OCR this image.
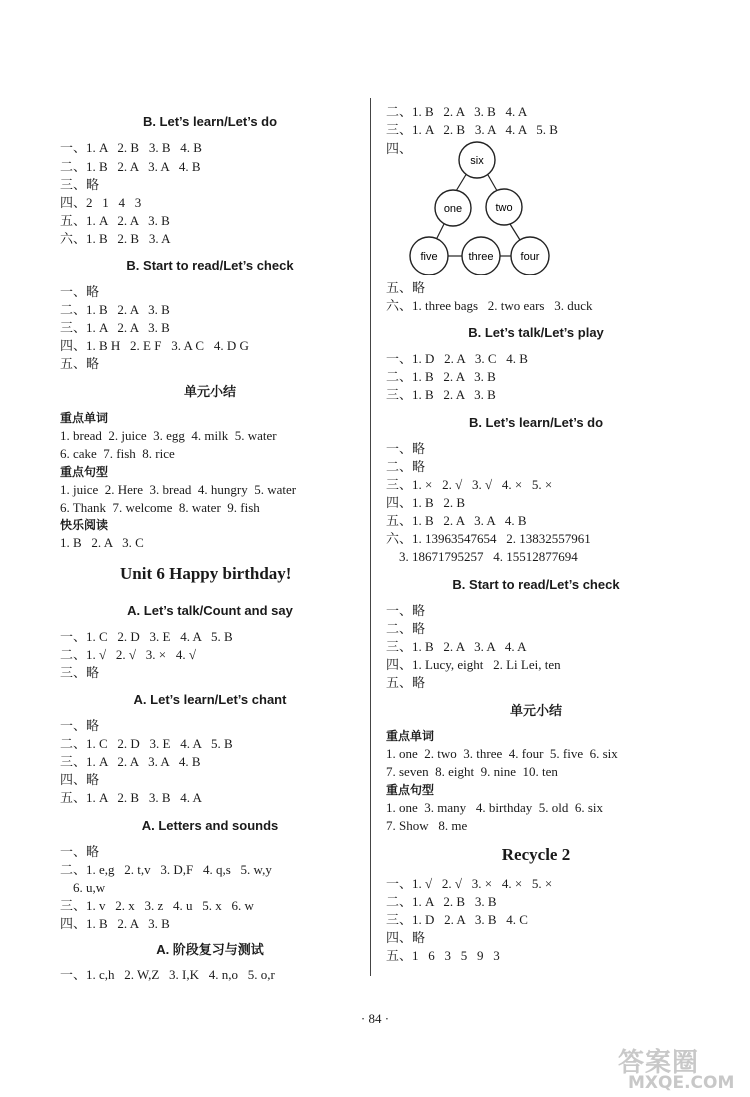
B. Let’s learn/Let’s do
一、1. A   2. B   3. B   4. B
二、1. B   2. A   3. A   4. B
三、略
四、2   1   4   3
五、1. A   2. A   3. B
六、1. B   2. B   3. A
B. Start to read/Let’s check
一、略
二、1. B   2. A   3. B
三、1. A   2. A   3. B
四、1. B H   2. E F   3. A C   4. D G
五、略
单元小结
重点单词
1. bread  2. juice  3. egg  4. milk  5. water
6. cake  7. fish  8. rice
重点句型
1. juice  2. Here  3. bread  4. hungry  5. water
6. Thank  7. welcome  8. water  9. fish
快乐阅读
1. B   2. A   3. C
Unit 6 Happy birthday!
A. Let’s talk/Count and say
一、1. C   2. D   3. E   4. A   5. B
二、1. √   2. √   3. ×   4. √
三、略
A. Let’s learn/Let’s chant
一、略
二、1. C   2. D   3. E   4. A   5. B
三、1. A   2. A   3. A   4. B
四、略
五、1. A   2. B   3. B   4. A
A. Letters and sounds
一、略
二、1. e,g   2. t,v   3. D,F   4. q,s   5. w,y
6. u,w
三、1. v   2. x   3. z   4. u   5. x   6. w
四、1. B   2. A   3. B
A. 阶段复习与测试
一、1. c,h   2. W,Z   3. I,K   4. n,o   5. o,r
二、1. B   2. A   3. B   4. A
三、1. A   2. B   3. A   4. A   5. B
四、
six
one	two
five	three four
五、略
六、1. three bags   2. two ears   3. duck
B. Let’s talk/Let’s play
一、1. D   2. A   3. C   4. B
二、1. B   2. A   3. B
三、1. B   2. A   3. B
B. Let’s learn/Let’s do
一、略
二、略
三、1. ×   2. √   3. √   4. ×   5. ×
四、1. B   2. B
五、1. B   2. A   3. A   4. B
六、1. 13963547654   2. 13832557961
3. 18671795257   4. 15512877694
B. Start to read/Let’s check
一、略
二、略
三、1. B   2. A   3. A   4. A
四、1. Lucy, eight   2. Li Lei, ten
五、略
单元小结
重点单词
1. one  2. two  3. three  4. four  5. five  6. six
7. seven  8. eight  9. nine  10. ten
重点句型
1. one  3. many   4. birthday  5. old  6. six
7. Show   8. me
Recycle 2
一、1. √   2. √   3. ×   4. ×   5. ×
二、1. A   2. B   3. B
三、1. D   2. A   3. B   4. C
四、略
五、1   6   3   5   9   3
· 84 ·
答案圈
MXQE.COM
